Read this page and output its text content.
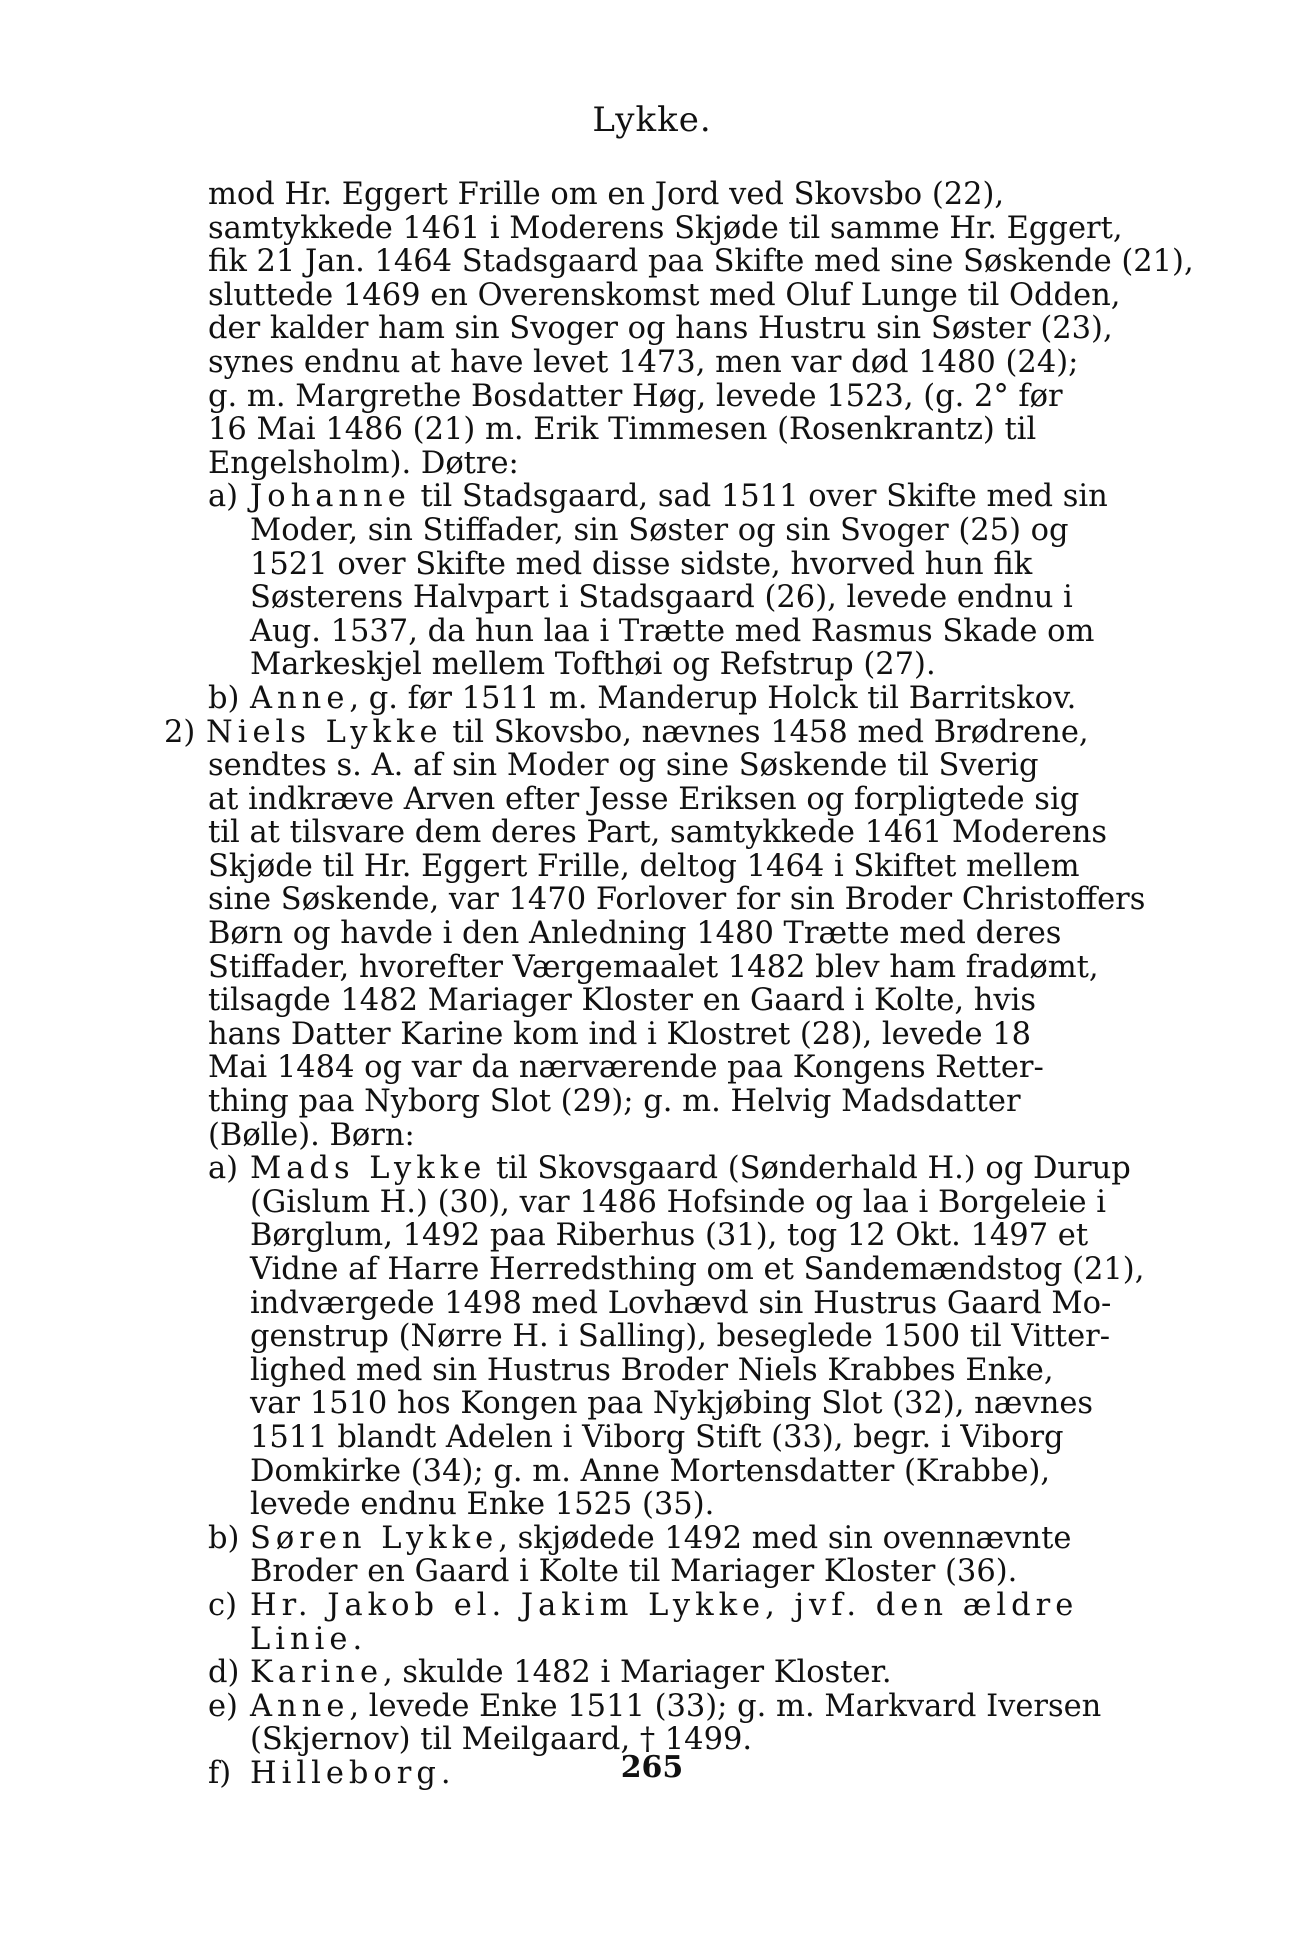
Lykke.
mod Hr. Eggert Frille om en Jord ved Skovsbo (22),
samtykkede 1461 i Moderens Skjøde til samme Hr. Eggert,
fik 21 Jan. 1464 Stadsgaard paa Skifte med sine Søskende (21),
sluttede 1469 en Overenskomst med Oluf Lunge til Odden,
der kalder ham sin Svoger og hans Hustru sin Søster (23),
synes endnu at have levet 1473, men var død 1480 (24);
g. m. Margrethe Bosdatter Høg, levede 1523, (g. 2° før
16 Mai 1486 (21) m. Erik Timmesen (Rosenkrantz) til
Engelsholm). Døtre:
a) Johanne til Stadsgaard, sad 1511 over Skifte med sin
Moder, sin Stiffader, sin Søster og sin Svoger (25) og
1521 over Skifte med disse sidste, hvorved hun fik
Søsterens Halvpart i Stadsgaard (26), levede endnu i
Aug. 1537, da hun laa i Trætte med Rasmus Skade om
Markeskjel mellem Tofthøi og Refstrup (27).
b) Anne, g. før 1511 m. Manderup Holck til Barritskov.
2) Niels Lykke til Skovsbo, nævnes 1458 med Brødrene,
sendtes s. A. af sin Moder og sine Søskende til Sverig
at indkræve Arven efter Jesse Eriksen og forpligtede sig
til at tilsvare dem deres Part, samtykkede 1461 Moderens
Skjøde til Hr. Eggert Frille, deltog 1464 i Skiftet mellem
sine Søskende, var 1470 Forlover for sin Broder Christoffers
Børn og havde i den Anledning 1480 Trætte med deres
Stiffader, hvorefter Værgemaalet 1482 blev ham fradømt,
tilsagde 1482 Mariager Kloster en Gaard i Kolte, hvis
hans Datter Karine kom ind i Klostret (28), levede 18
Mai 1484 og var da nærværende paa Kongens Retter-
thing paa Nyborg Slot (29); g. m. Helvig Madsdatter
(Bølle). Børn:
a) Mads Lykke til Skovsgaard (Sønderhald H.) og Durup
(Gislum H.) (30), var 1486 Hofsinde og laa i Borgeleie i
Børglum, 1492 paa Riberhus (31), tog 12 Okt. 1497 et
Vidne af Harre Herredsthing om et Sandemændstog (21),
indværgede 1498 med Lovhævd sin Hustrus Gaard Mo-
genstrup (Nørre H. i Salling), beseglede 1500 til Vitter-
lighed med sin Hustrus Broder Niels Krabbes Enke,
var 1510 hos Kongen paa Nykjøbing Slot (32), nævnes
1511 blandt Adelen i Viborg Stift (33), begr. i Viborg
Domkirke (34); g. m. Anne Mortensdatter (Krabbe),
levede endnu Enke 1525 (35).
b) Søren Lykke, skjødede 1492 med sin ovennævnte
Broder en Gaard i Kolte til Mariager Kloster (36).
c) Hr. Jakob el. Jakim Lykke, jvf. den ældre
Linie.
d) Karine, skulde 1482 i Mariager Kloster.
e) Anne, levede Enke 1511 (33); g. m. Markvard Iversen
(Skjernov) til Meilgaard, † 1499.
f) Hilleborg.	265
